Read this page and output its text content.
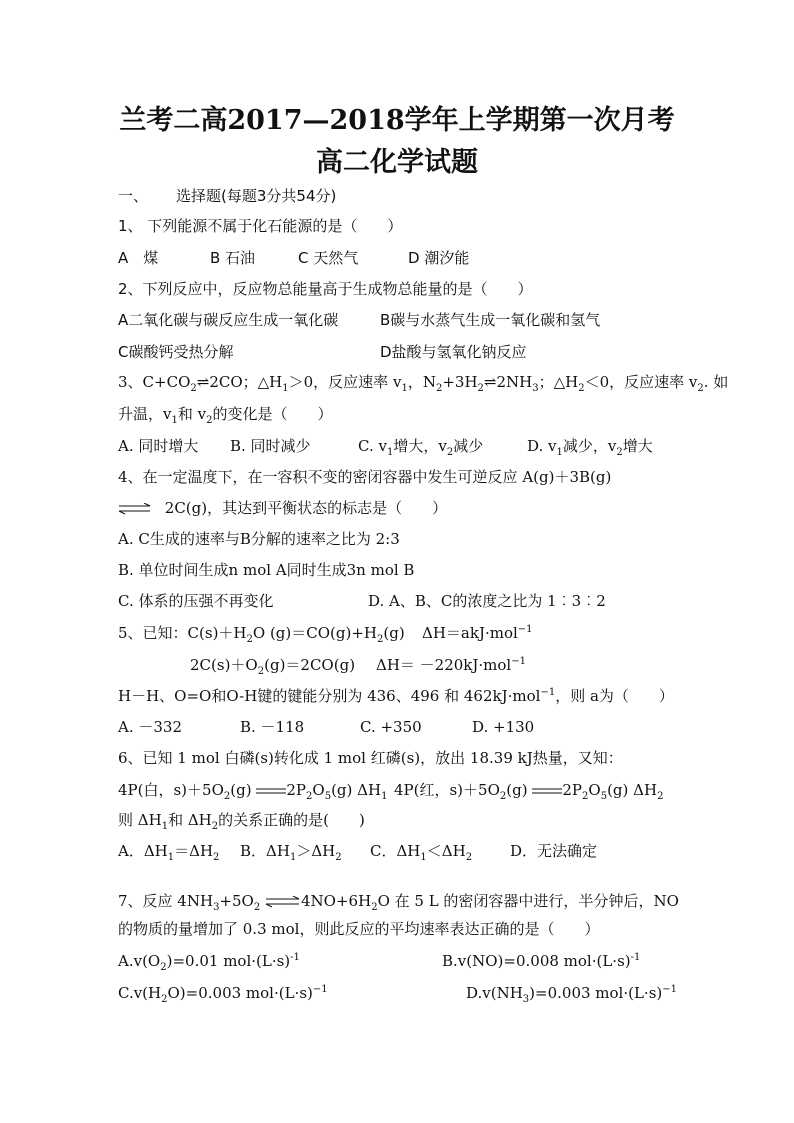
兰考二高2017—2018学年上学期第一次月考
高二化学试题
一、 选择题(每题3分共54分)
1、 下列能源不属于化石能源的是（　　）
A　煤	B 石油	C 天然气	D 潮汐能
2、下列反应中，反应物总能量高于生成物总能量的是（　　）
A二氧化碳与碳反应生成一氧化碳	B碳与水蒸气生成一氧化碳和氢气
C碳酸钙受热分解	D盐酸与氢氧化钠反应
3、$C+CO_2\rightleftharpoons 2CO$；$\triangle H_1>0$，反应速率 $v_1$，$N_2+3H_2\rightleftharpoons 2NH_3$；$\triangle H_2<0$，反应速率 $v_2$. 如
升温，$v_1$和 $v_2$的变化是（　　）
A. 同时增大 B. 同时减少	C. $v_1$增大，$v_2$减少	D. $v_1$减少，$v_2$增大
4、在一定温度下，在一容积不变的密闭容器中发生可逆反应 A(g)＋3B(g)
⇌ 2C(g)，其达到平衡状态的标志是（　　）
A. C生成的速率与B分解的速率之比为 2:3
B. 单位时间生成n mol A同时生成3n mol B
C. 体系的压强不再变化	D. A、B、C的浓度之比为 1︰3︰2
5、已知：$C(s)+H_2O$ $(g)=CO(g)+H_2(g)$ ΔH＝akJ·mol$^{-1}$
$2C(s)+O_2(g)=2CO(g)$ ΔH＝ －220kJ·mol$^{-1}$
H－H、O=O和O-H键的键能分别为 436、496 和 462kJ·mol$^{-1}$，则 a为（　　）
A. －332	B. －118	C. +350	D. +130
6、已知 1 mol 白磷(s)转化成 1 mol 红磷(s)，放出 18.39 kJ热量，又知：
4P(白，$s)+5O_2(g)$ $2P_2O_5(g)$ $\Delta H_1$ 4P(红，$s)+5O_2(g)$ $2P_2O_5(g)$ $\Delta H_2$
则 $\Delta H_1$和 $\Delta H_2$的关系正确的是(　　)
A．$\Delta H_1=\Delta H_2$ B．$\Delta H_1>\Delta H_2$ C．$\Delta H_1<\Delta H_2$	D．无法确定
7、反应 $4NH_3+5O_2$ $\rightleftharpoons 4NO+6H_2O$ 在 5 L 的密闭容器中进行，半分钟后，NO
的物质的量增加了 0.3 mol，则此反应的平均速率表达正确的是（　　）
$A.v(O_2)=0.01$ $mol\cdot(L\cdot s)^{-1}$	B.v(NO)=0.008 $mol\cdot(L\cdot s)^{-1}$
$C.v(H_2O)=0.003$ $mol\cdot(L\cdot s)^{-1}$	$D.v(NH_3)=0.003$ $mol\cdot(L\cdot s)^{-1}$
